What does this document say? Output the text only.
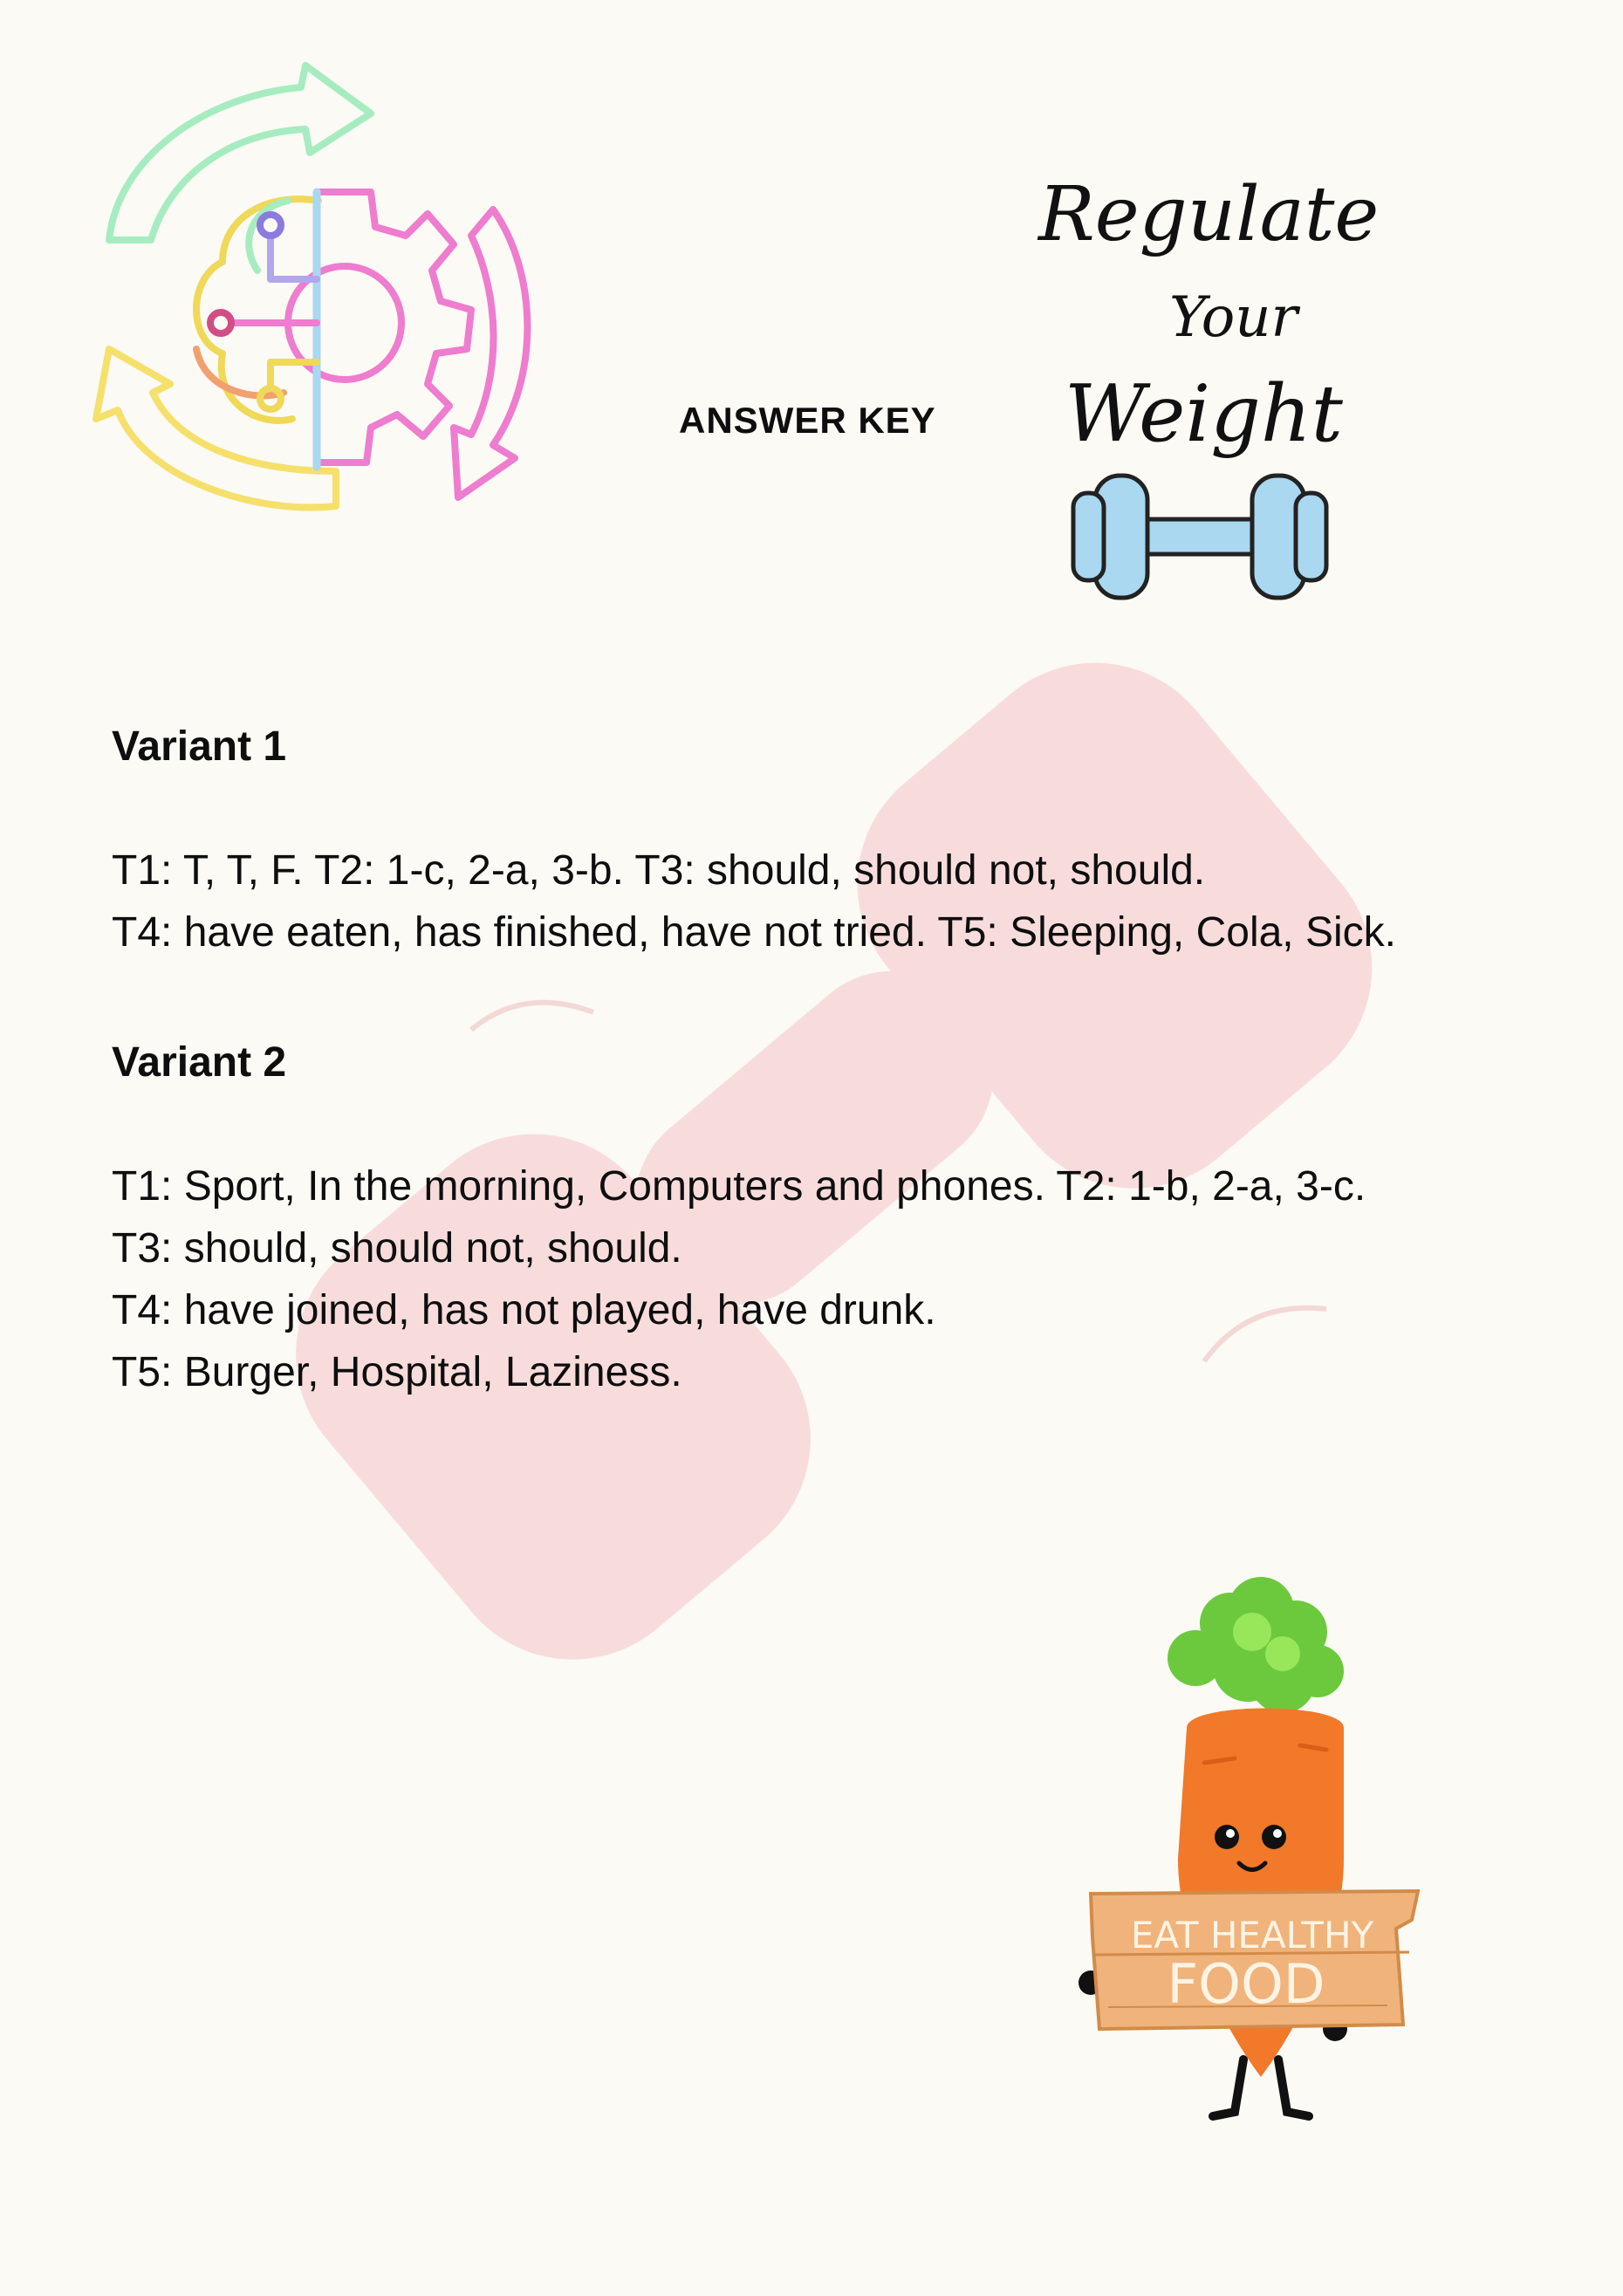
ANSWER KEY
Regulate
Your
Weight
Variant 1
T1: T, T, F. T2: 1-c, 2-a, 3-b. T3: should, should not, should.
T4: have eaten, has finished, have not tried. T5: Sleeping, Cola, Sick.
Variant 2
T1: Sport, In the morning, Computers and phones. T2: 1-b, 2-a, 3-c.
T3: should, should not, should.
T4: have joined, has not played, have drunk.
T5: Burger, Hospital, Laziness.
EAT HEALTHY
FOOD
